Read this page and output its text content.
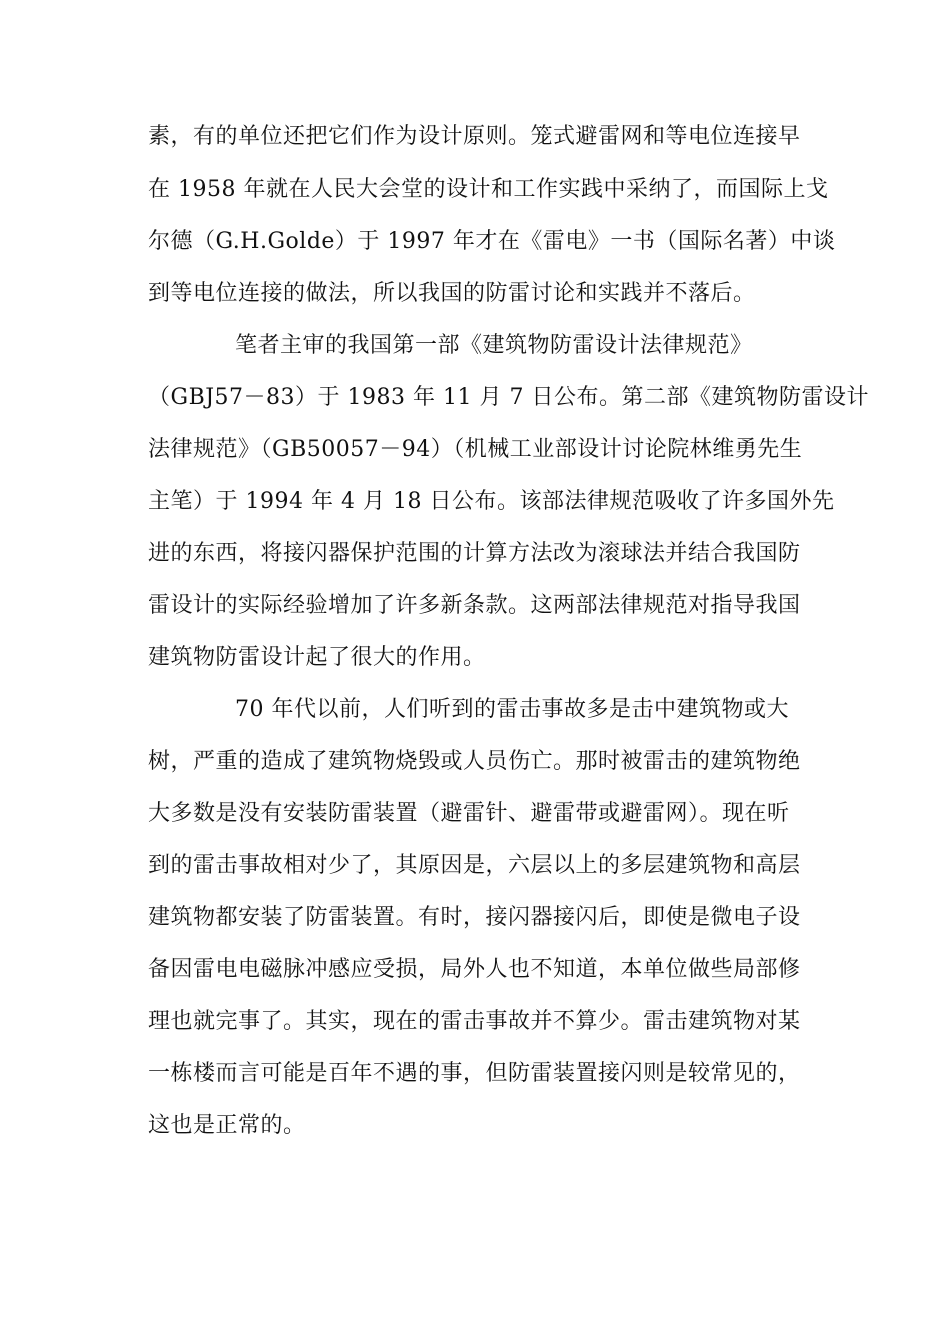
素，有的单位还把它们作为设计原则。笼式避雷网和等电位连接早
在 1958 年就在人民大会堂的设计和工作实践中采纳了，而国际上戈
尔德（G.H.Golde）于 1997 年才在《雷电》一书（国际名著）中谈
到等电位连接的做法，所以我国的防雷讨论和实践并不落后。
笔者主审的我国第一部《建筑物防雷设计法律规范》
（GBJ57－83）于 1983 年 11 月 7 日公布。第二部《建筑物防雷设计
法律规范》（GB50057－94）（机械工业部设计讨论院林维勇先生
主笔）于 1994 年 4 月 18 日公布。该部法律规范吸收了许多国外先
进的东西，将接闪器保护范围的计算方法改为滚球法并结合我国防
雷设计的实际经验增加了许多新条款。这两部法律规范对指导我国
建筑物防雷设计起了很大的作用。
70 年代以前，人们听到的雷击事故多是击中建筑物或大
树，严重的造成了建筑物烧毁或人员伤亡。那时被雷击的建筑物绝
大多数是没有安装防雷装置（避雷针、避雷带或避雷网）。现在听
到的雷击事故相对少了，其原因是，六层以上的多层建筑物和高层
建筑物都安装了防雷装置。有时，接闪器接闪后，即使是微电子设
备因雷电电磁脉冲感应受损，局外人也不知道，本单位做些局部修
理也就完事了。其实，现在的雷击事故并不算少。雷击建筑物对某
一栋楼而言可能是百年不遇的事，但防雷装置接闪则是较常见的，
这也是正常的。
